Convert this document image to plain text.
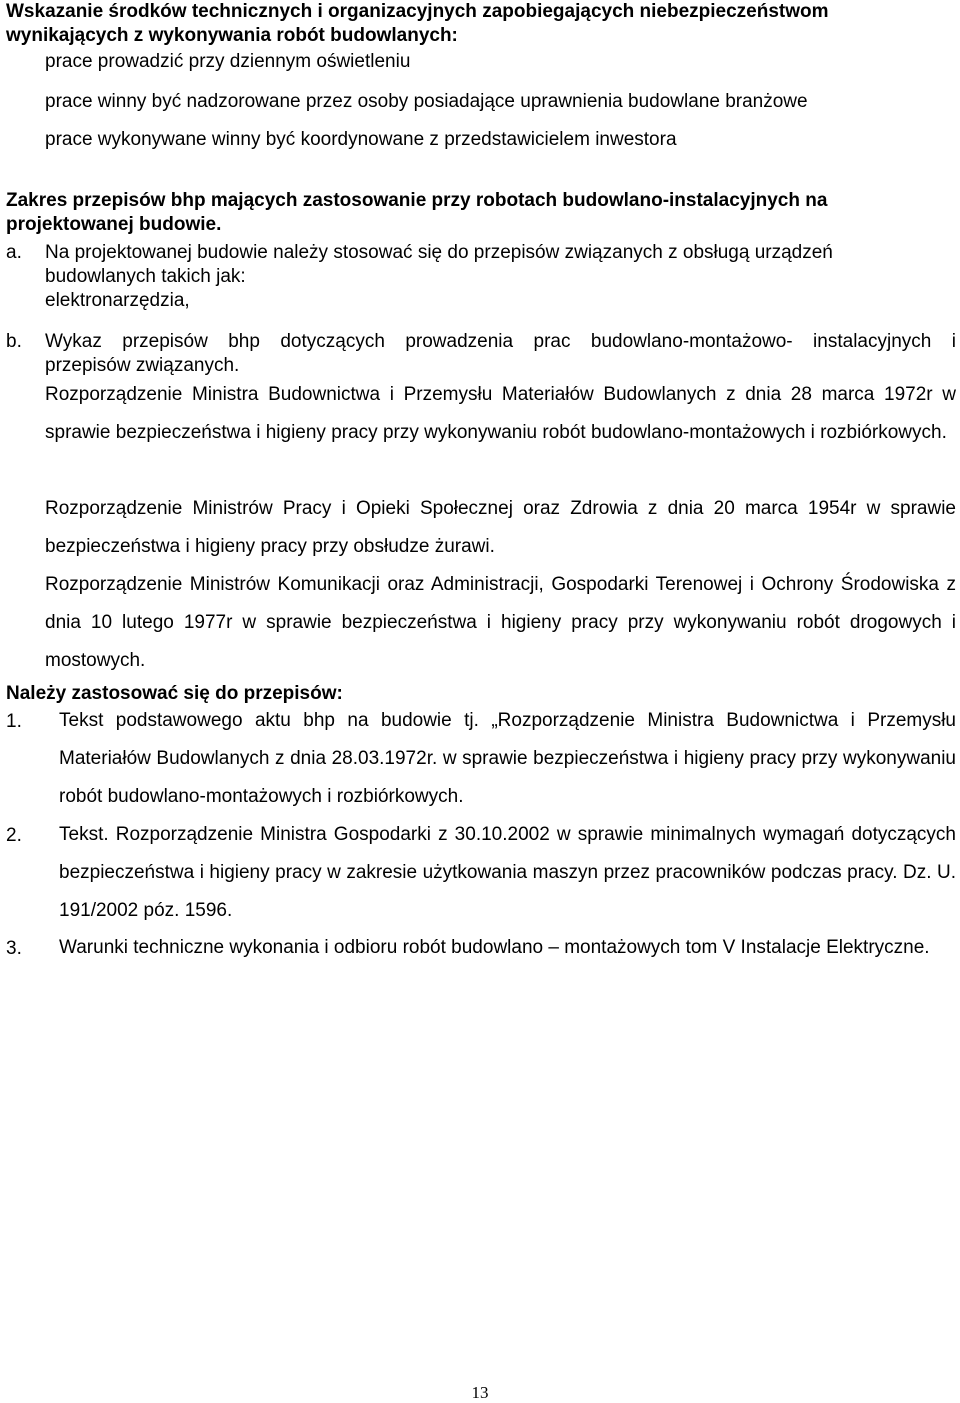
Wskazanie środków technicznych i organizacyjnych zapobiegających niebezpieczeństwom wynikających z wykonywania robót budowlanych:

prace prowadzić przy dziennym oświetleniu

prace winny być nadzorowane przez osoby posiadające uprawnienia budowlane branżowe

prace wykonywane winny być koordynowane z przedstawicielem inwestora

Zakres przepisów bhp mających zastosowanie przy robotach budowlano-instalacyjnych na projektowanej budowie.

a. Na projektowanej budowie należy stosować się do przepisów związanych z obsługą urządzeń

budowlanych takich jak:

elektronarzędzia,

b. Wykaz przepisów bhp dotyczących prowadzenia prac budowlano-montażowo- instalacyjnych i

przepisów związanych.

Rozporządzenie Ministra Budownictwa i Przemysłu Materiałów Budowlanych z dnia 28 marca 1972r w sprawie bezpieczeństwa i higieny pracy przy wykonywaniu robót budowlano-montażowych i rozbiórkowych.

Rozporządzenie Ministrów Pracy i Opieki Społecznej oraz Zdrowia z dnia 20 marca 1954r w sprawie bezpieczeństwa i higieny pracy przy obsłudze żurawi.

Rozporządzenie Ministrów Komunikacji oraz Administracji, Gospodarki Terenowej i Ochrony Środowiska z dnia 10 lutego 1977r w sprawie bezpieczeństwa i higieny pracy przy wykonywaniu robót drogowych i mostowych.

Należy zastosować się do przepisów:

1. Tekst podstawowego aktu bhp na budowie tj. „Rozporządzenie Ministra Budownictwa i Przemysłu Materiałów Budowlanych z dnia 28.03.1972r. w sprawie bezpieczeństwa i higieny pracy przy wykonywaniu robót budowlano-montażowych i rozbiórkowych.

2. Tekst. Rozporządzenie Ministra Gospodarki z 30.10.2002 w sprawie minimalnych wymagań dotyczących bezpieczeństwa i higieny pracy w zakresie użytkowania maszyn przez pracowników podczas pracy. Dz. U. 191/2002 póz. 1596.

3. Warunki techniczne wykonania i odbioru robót budowlano – montażowych tom V Instalacje Elektryczne.

13
